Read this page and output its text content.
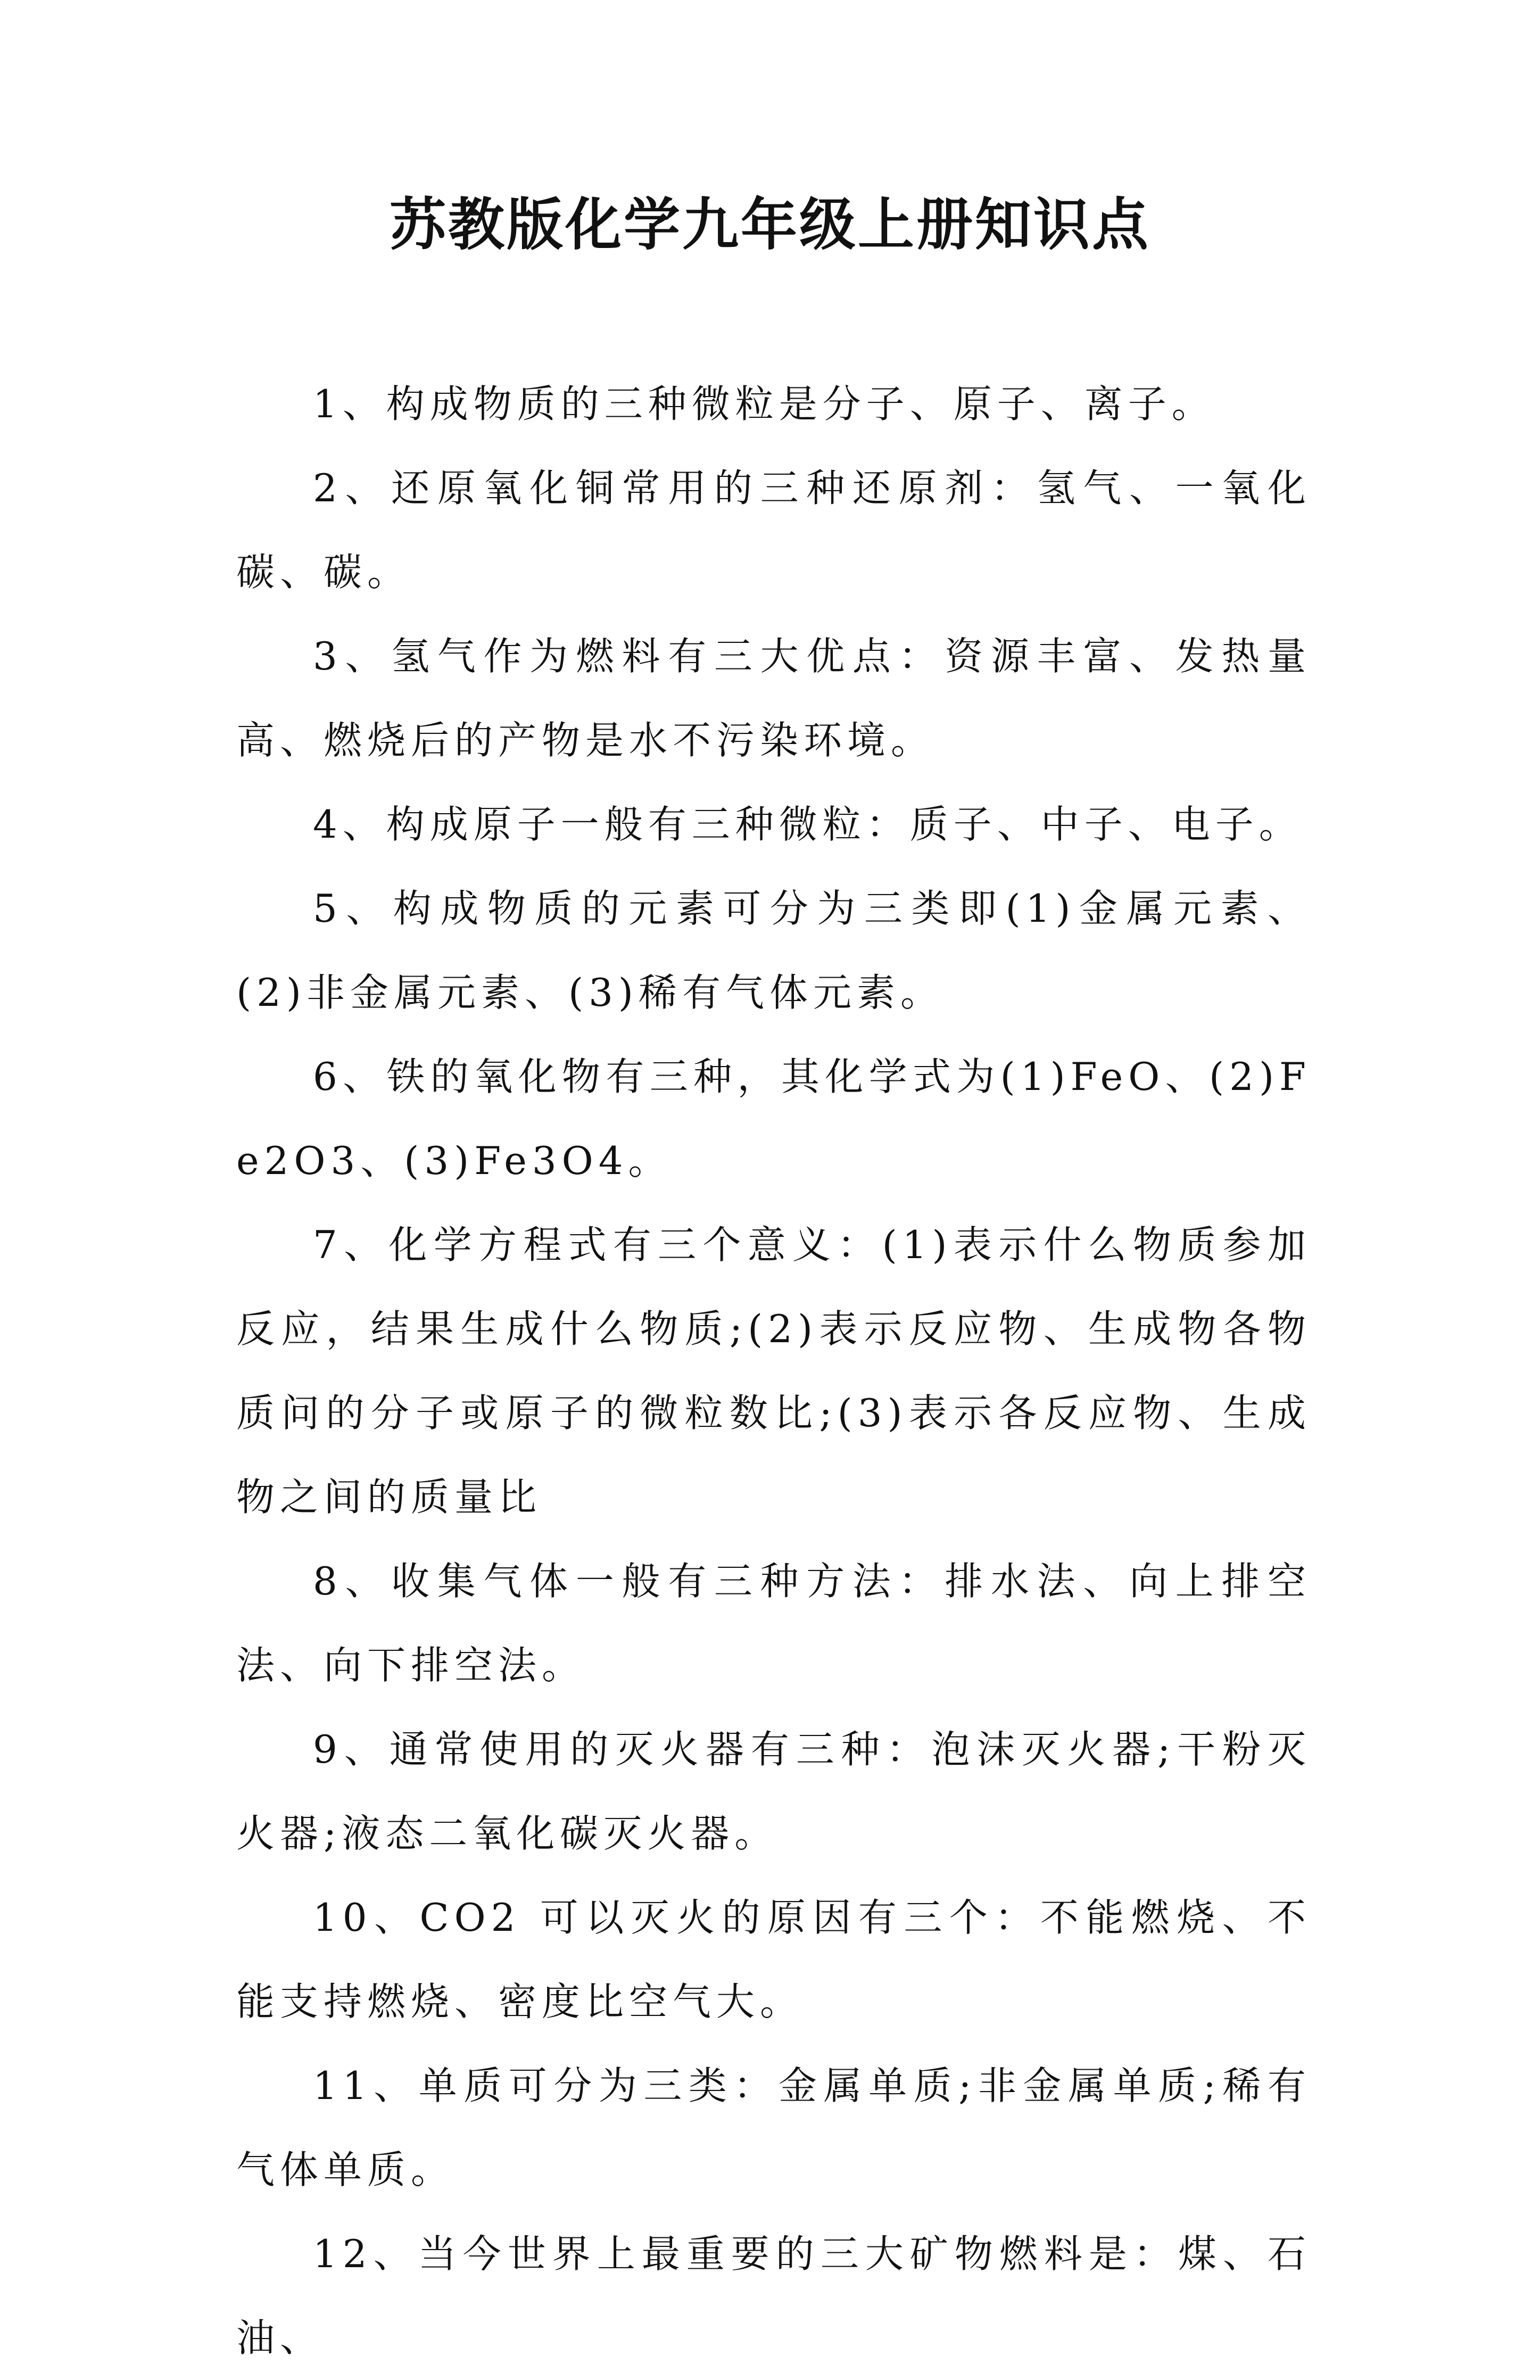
苏教版化学九年级上册知识点

1、构成物质的三种微粒是分子、原子、离子。

2、还原氧化铜常用的三种还原剂：氢气、一氧化碳、碳。

3、氢气作为燃料有三大优点：资源丰富、发热量高、燃烧后的产物是水不污染环境。

4、构成原子一般有三种微粒：质子、中子、电子。

5、构成物质的元素可分为三类即(1)金属元素、(2)非金属元素、(3)稀有气体元素。

6、铁的氧化物有三种，其化学式为(1)FeO、(2)Fe2O3、(3)Fe3O4。

7、化学方程式有三个意义：(1)表示什么物质参加反应，结果生成什么物质;(2)表示反应物、生成物各物质问的分子或原子的微粒数比;(3)表示各反应物、生成物之间的质量比

8、收集气体一般有三种方法：排水法、向上排空法、向下排空法。

9、通常使用的灭火器有三种：泡沫灭火器;干粉灭火器;液态二氧化碳灭火器。

10、CO2 可以灭火的原因有三个：不能燃烧、不能支持燃烧、密度比空气大。

11、单质可分为三类：金属单质;非金属单质;稀有气体单质。

12、当今世界上最重要的三大矿物燃料是：煤、石油、
